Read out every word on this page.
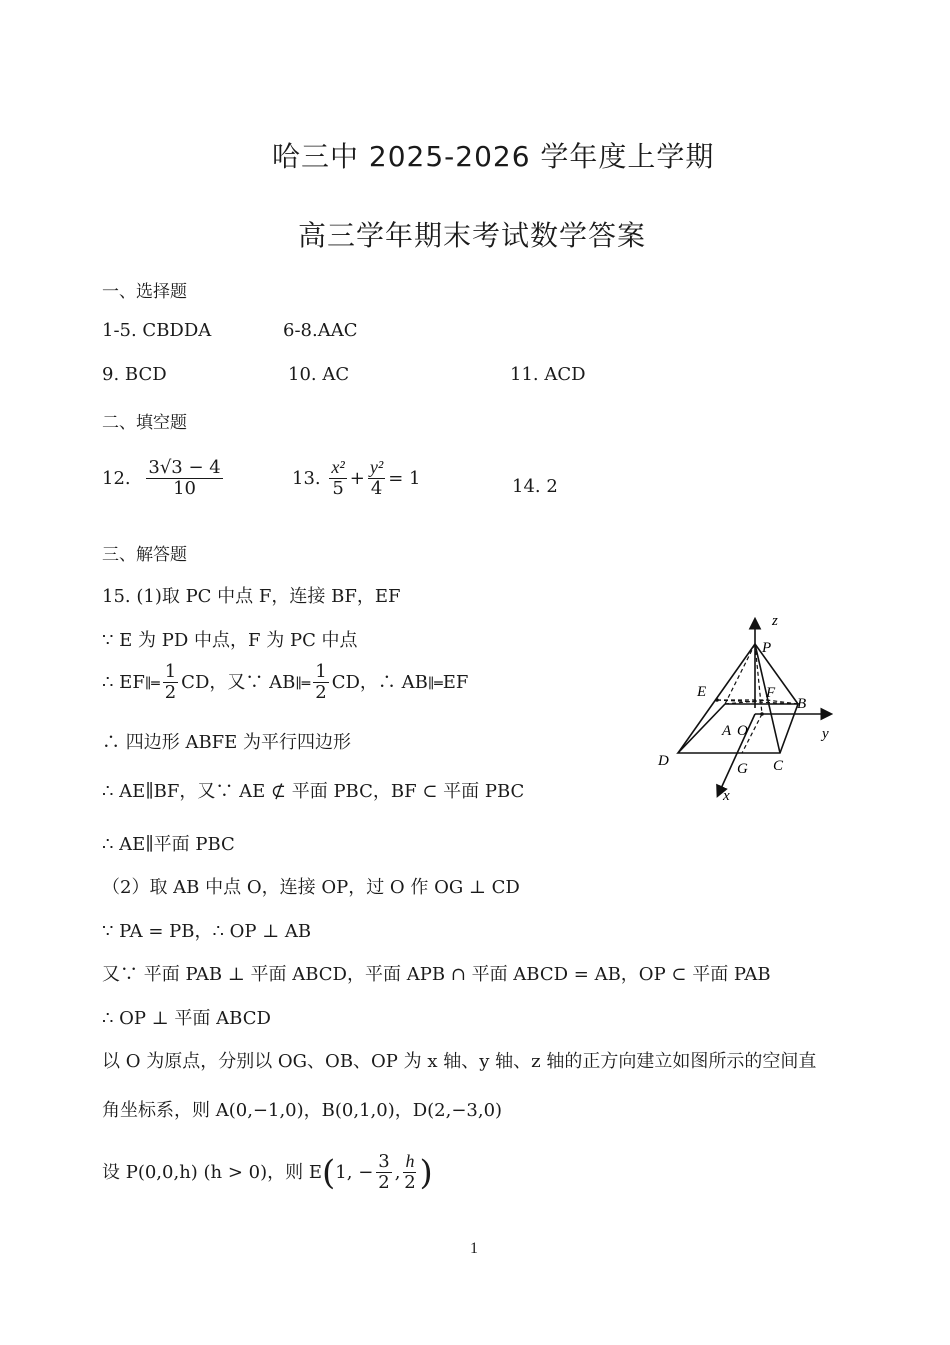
哈三中 2025-2026 学年度上学期
高三学年期末考试数学答案
一、选择题
1-5. CBDDA	6-8.AAC
9. BCD	10. AC	11. ACD
二、填空题
12. $\frac{3√3 - 4}{10}$	13. $\frac{\text{x²}}{5} + \frac{\text{y²}}{4} = 1$	14. 2
三、解答题
15. (1)取 PC 中点 F，连接 BF，EF
∵ E 为 PD 中点，F 为 PC 中点
∴ EF∥═ $\frac{1}{2}$ CD，又∵ AB∥═ $\frac{1}{2}$ CD，∴ AB∥═EF
∴ 四边形 ABFE 为平行四边形
∴ AE∥BF，又∵ AE ⊄ 平面 PBC，BF ⊂ 平面 PBC
∴ AE∥平面 PBC
（2）取 AB 中点 O，连接 OP，过 O 作 OG ⊥ CD
∵ PA = PB，∴ OP ⊥ AB
又∵ 平面 PAB ⊥ 平面 ABCD，平面 APB ∩ 平面 ABCD = AB，OP ⊂ 平面 PAB
∴ OP ⊥ 平面 ABCD
以 O 为原点，分别以 OG、OB、OP 为 x 轴、y 轴、z 轴的正方向建立如图所示的空间直
角坐标系，则 A(0,−1,0)，B(0,1,0)，D(2,−3,0)
设 P(0,0,h) (h > 0)，则 E(1, − $\frac{3}{2}$ , $\frac{h}{2}$ )
1
z
P
E	F
B
y
A O
D	G C
x
